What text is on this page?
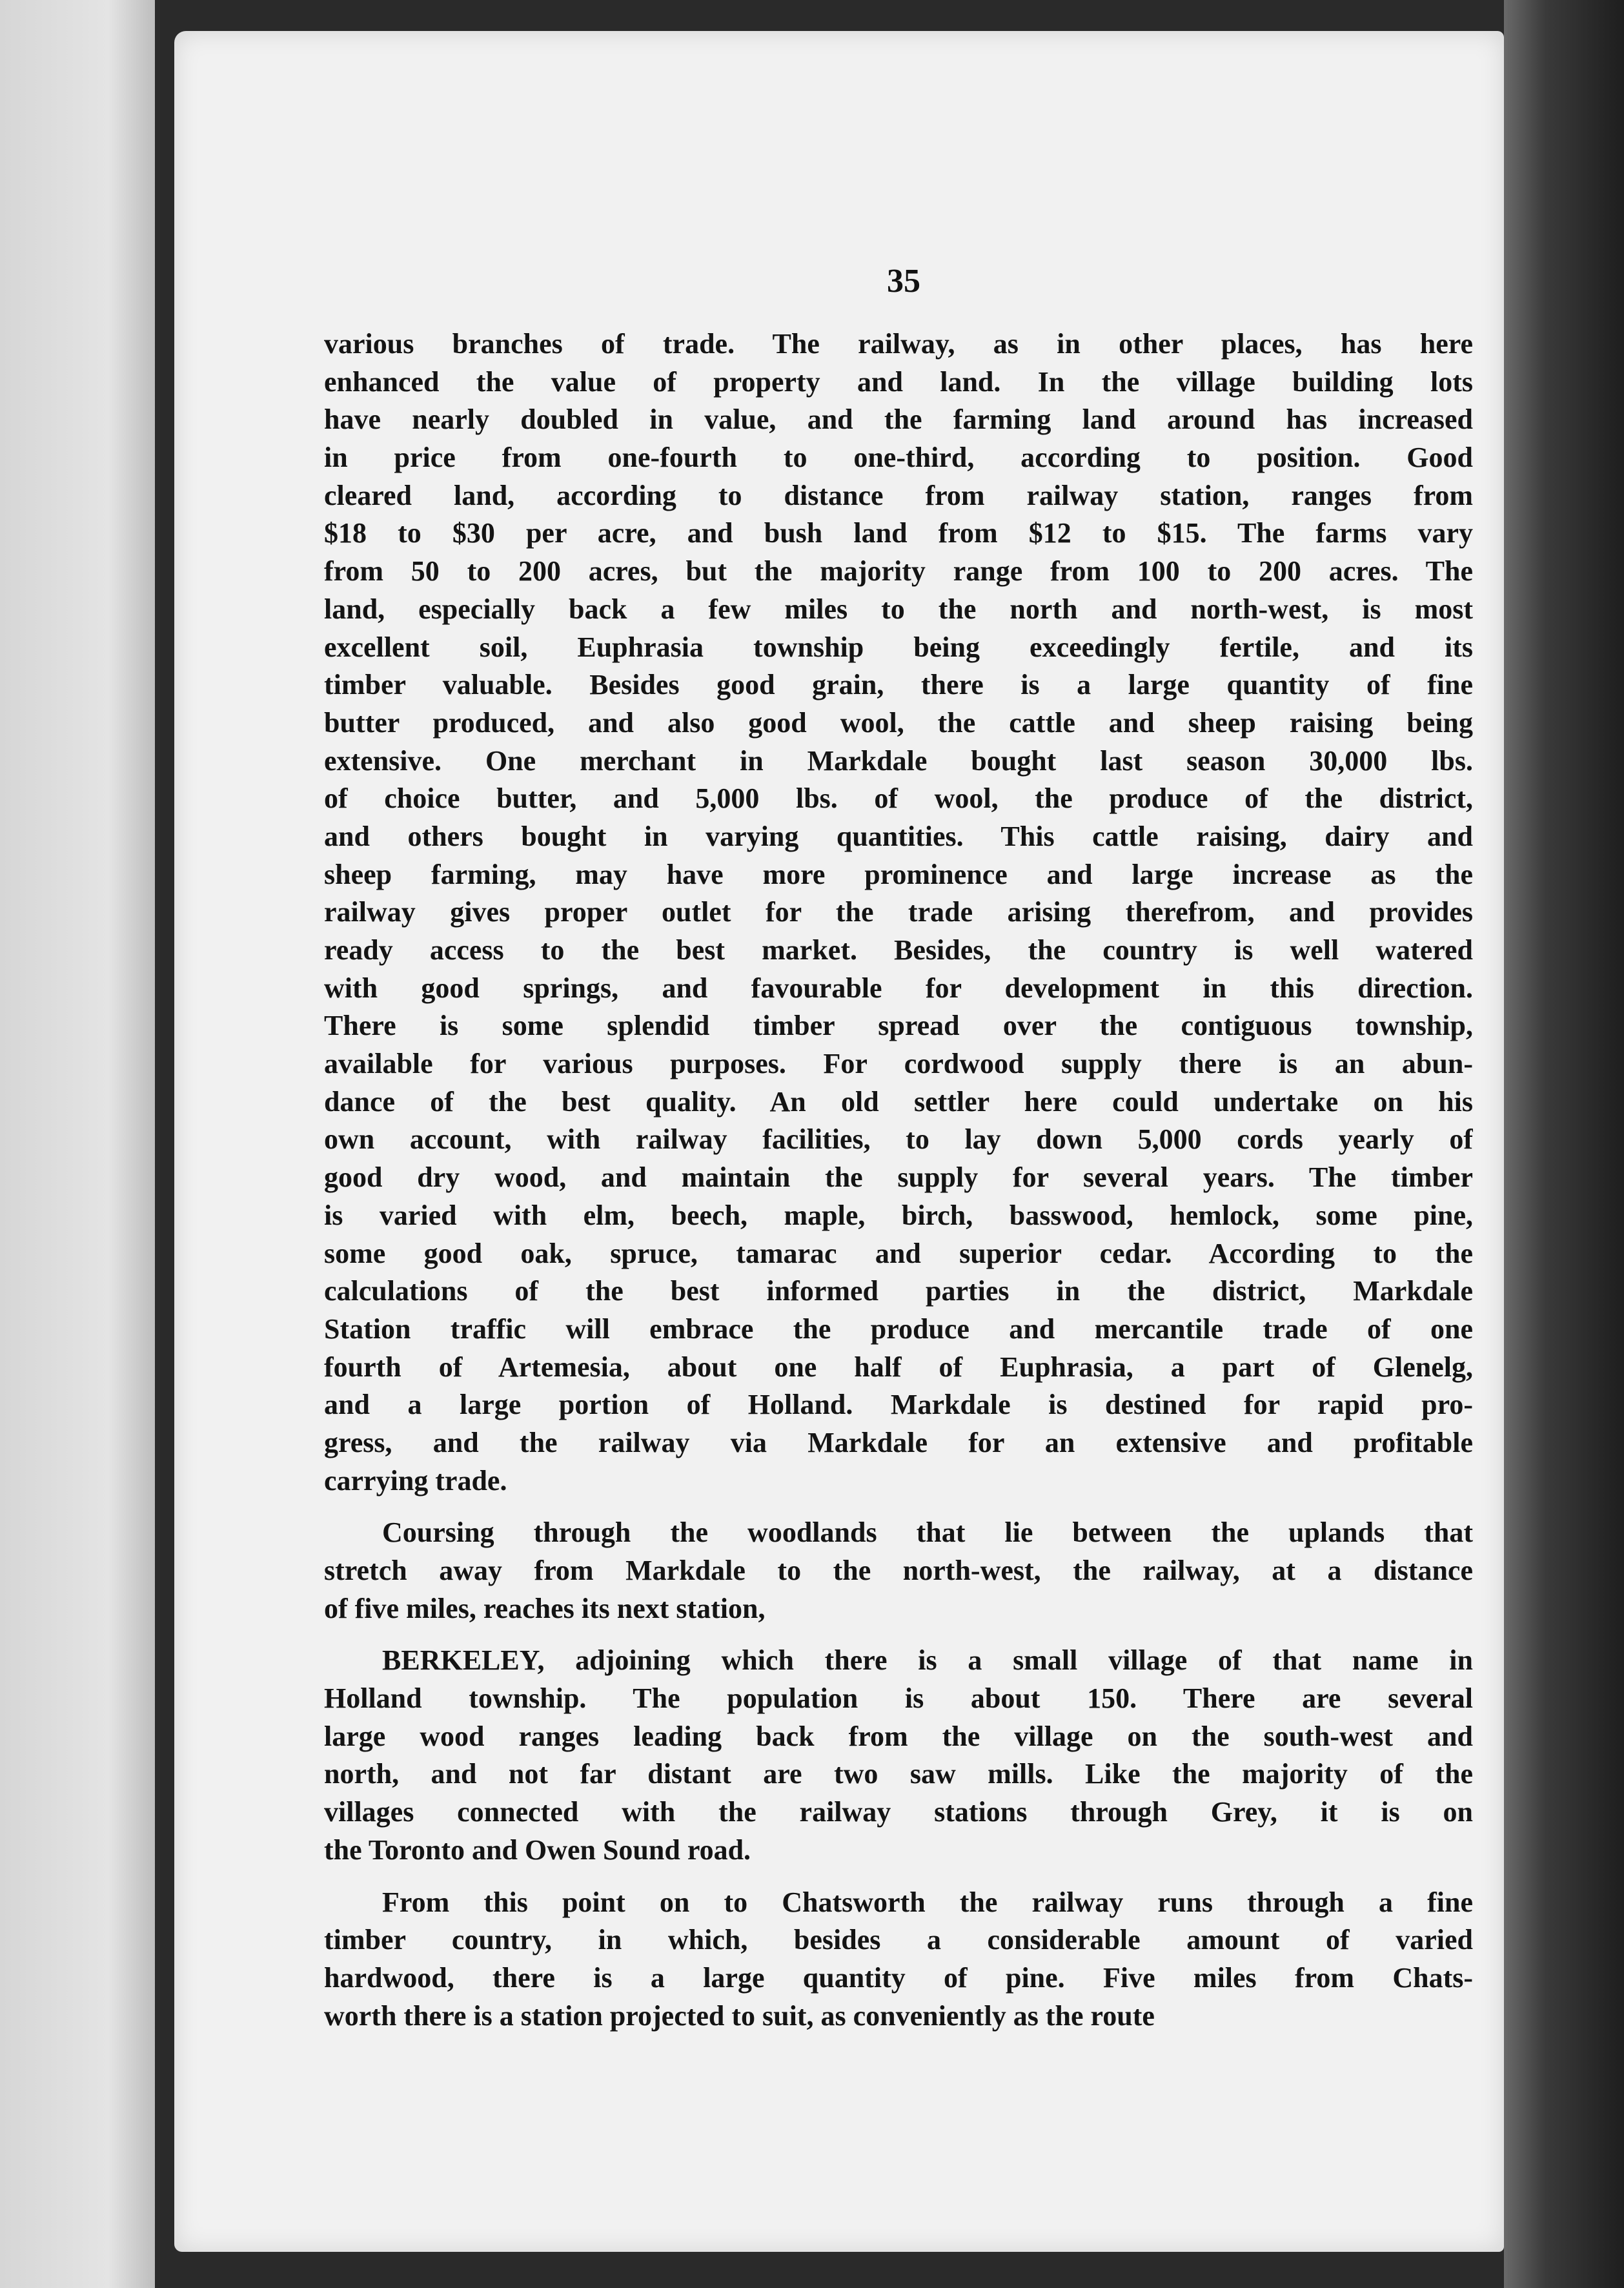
35

various branches of trade. The railway, as in other places, has here
enhanced the value of property and land. In the village building lots
have nearly doubled in value, and the farming land around has increased
in price from one-fourth to one-third, according to position. Good
cleared land, according to distance from railway station, ranges from
$18 to $30 per acre, and bush land from $12 to $15. The farms vary
from 50 to 200 acres, but the majority range from 100 to 200 acres. The
land, especially back a few miles to the north and north-west, is most
excellent soil, Euphrasia township being exceedingly fertile, and its
timber valuable. Besides good grain, there is a large quantity of fine
butter produced, and also good wool, the cattle and sheep raising being
extensive. One merchant in Markdale bought last season 30,000 lbs.
of choice butter, and 5,000 lbs. of wool, the produce of the district,
and others bought in varying quantities. This cattle raising, dairy and
sheep farming, may have more prominence and large increase as the
railway gives proper outlet for the trade arising therefrom, and provides
ready access to the best market. Besides, the country is well watered
with good springs, and favourable for development in this direction.
There is some splendid timber spread over the contiguous township,
available for various purposes. For cordwood supply there is an abun-
dance of the best quality. An old settler here could undertake on his
own account, with railway facilities, to lay down 5,000 cords yearly of
good dry wood, and maintain the supply for several years. The timber
is varied with elm, beech, maple, birch, basswood, hemlock, some pine,
some good oak, spruce, tamarac and superior cedar. According to the
calculations of the best informed parties in the district, Markdale
Station traffic will embrace the produce and mercantile trade of one
fourth of Artemesia, about one half of Euphrasia, a part of Glenelg,
and a large portion of Holland. Markdale is destined for rapid pro-
gress, and the railway via Markdale for an extensive and profitable
carrying trade.
Coursing through the woodlands that lie between the uplands that
stretch away from Markdale to the north-west, the railway, at a distance
of five miles, reaches its next station,
BERKELEY, adjoining which there is a small village of that name in
Holland township. The population is about 150. There are several
large wood ranges leading back from the village on the south-west and
north, and not far distant are two saw mills. Like the majority of the
villages connected with the railway stations through Grey, it is on
the Toronto and Owen Sound road.
From this point on to Chatsworth the railway runs through a fine
timber country, in which, besides a considerable amount of varied
hardwood, there is a large quantity of pine. Five miles from Chats-
worth there is a station projected to suit, as conveniently as the route
